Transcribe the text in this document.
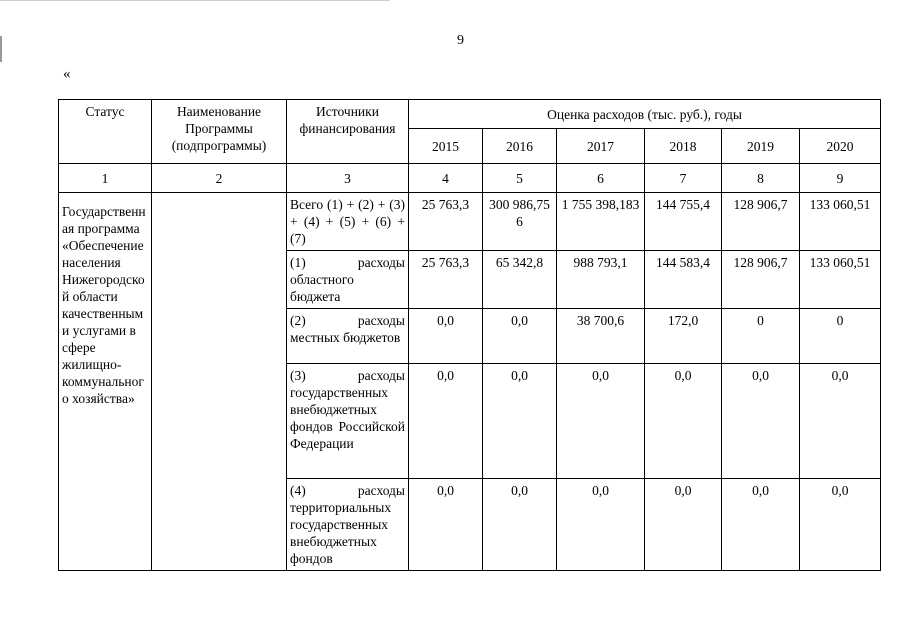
9
«
Статус	Наименование Программы (подпрограммы)	Источники финансирования	Оценка расходов (тыс. руб.), годы					
			2015	2016	2017	2018	2019	2020
1	2	3	4	5	6	7	8	9
Государственная программа «Обеспечение населения Нижегородской области качественными услугами в сфере жилищно-коммунального хозяйства»		Всего (1) + (2) + (3) + (4) + (5) + (6) + (7)	25 763,3	300 986,756	1 755 398,183	144 755,4	128 906,7	133 060,51
		(1) расходы областного бюджета	25 763,3	65 342,8	988 793,1	144 583,4	128 906,7	133 060,51
		(2) расходы местных бюджетов	0,0	0,0	38 700,6	172,0	0	0
		(3) расходы государственных внебюджетных фондов Российской Федерации	0,0	0,0	0,0	0,0	0,0	0,0
		(4) расходы территориальных государственных внебюджетных фондов	0,0	0,0	0,0	0,0	0,0	0,0
